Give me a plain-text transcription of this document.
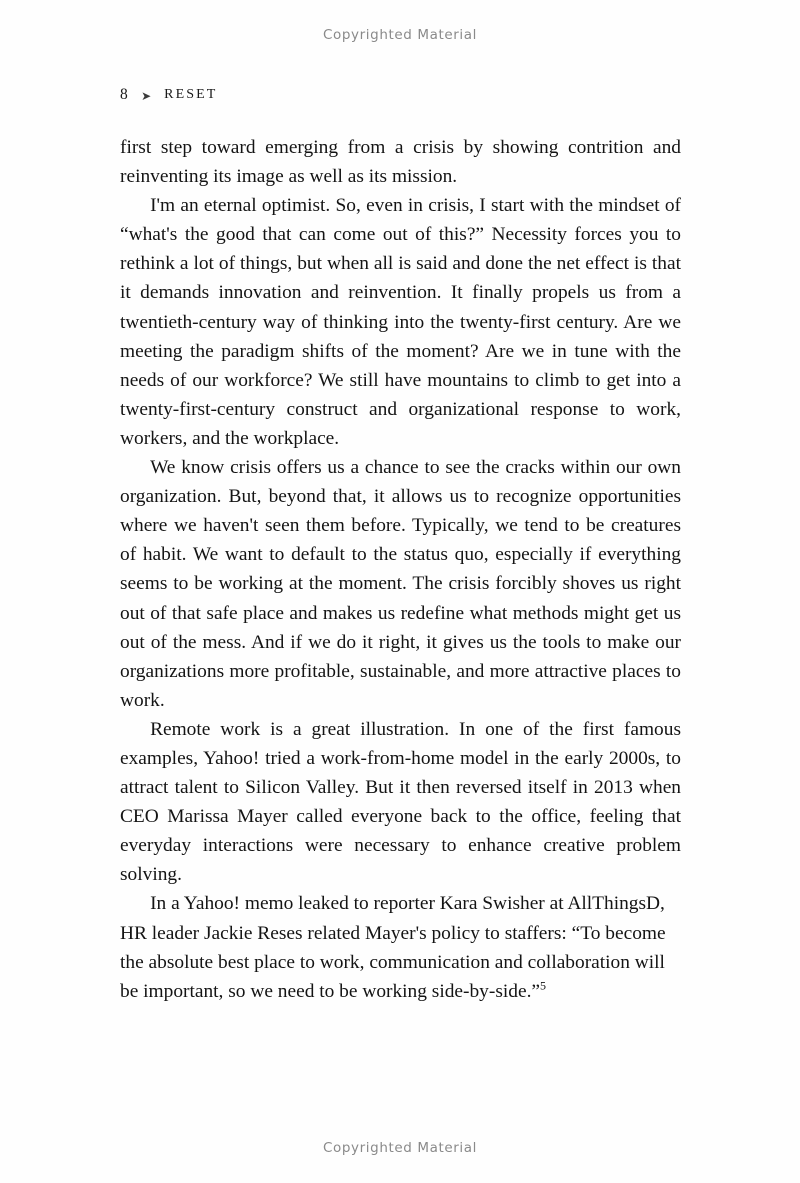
Copyrighted Material
8 ➤ RESET

first step toward emerging from a crisis by showing contrition and reinventing its image as well as its mission.

I'm an eternal optimist. So, even in crisis, I start with the mindset of “what's the good that can come out of this?” Necessity forces you to rethink a lot of things, but when all is said and done the net effect is that it demands innovation and reinvention. It finally propels us from a twentieth-century way of thinking into the twenty-first century. Are we meeting the paradigm shifts of the moment? Are we in tune with the needs of our workforce? We still have mountains to climb to get into a twenty-first-century construct and organizational response to work, workers, and the workplace.

We know crisis offers us a chance to see the cracks within our own organization. But, beyond that, it allows us to recognize opportunities where we haven't seen them before. Typically, we tend to be creatures of habit. We want to default to the status quo, especially if everything seems to be working at the moment. The crisis forcibly shoves us right out of that safe place and makes us redefine what methods might get us out of the mess. And if we do it right, it gives us the tools to make our organizations more profitable, sustainable, and more attractive places to work.

Remote work is a great illustration. In one of the first famous examples, Yahoo! tried a work-from-home model in the early 2000s, to attract talent to Silicon Valley. But it then reversed itself in 2013 when CEO Marissa Mayer called everyone back to the office, feeling that everyday interactions were necessary to enhance creative problem solving.

In a Yahoo! memo leaked to reporter Kara Swisher at AllThingsD, HR leader Jackie Reses related Mayer's policy to staffers: “To become the absolute best place to work, communication and collaboration will be important, so we need to be working side-by-side.”$^5$

Copyrighted Material
